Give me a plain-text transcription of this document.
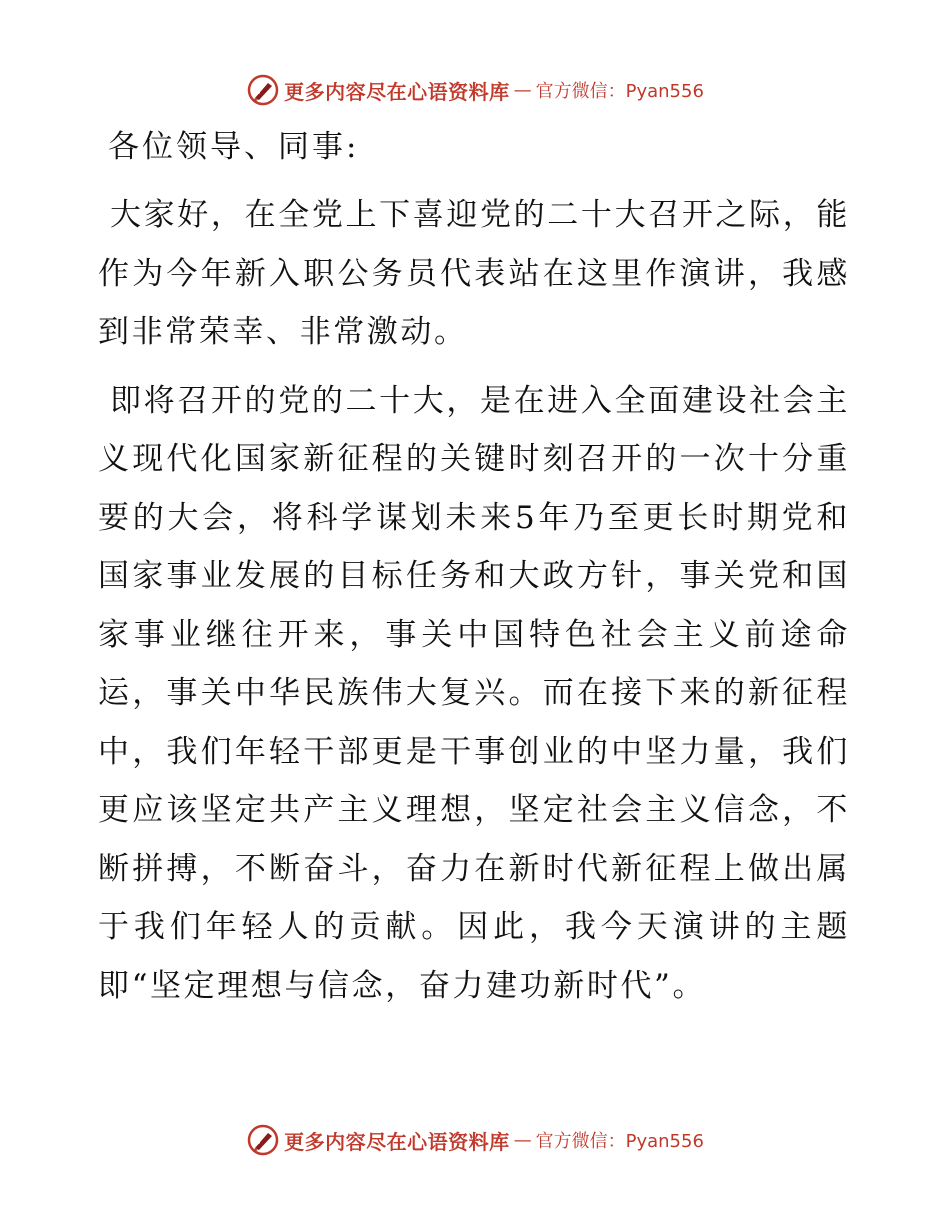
更多内容尽在心语资料库 — 官方微信：Pyan556
各位领导、同事:

大家好，在全党上下喜迎党的二十大召开之际，能作为今年新入职公务员代表站在这里作演讲，我感到非常荣幸、非常激动。

即将召开的党的二十大，是在进入全面建设社会主义现代化国家新征程的关键时刻召开的一次十分重要的大会，将科学谋划未来5年乃至更长时期党和国家事业发展的目标任务和大政方针，事关党和国家事业继往开来，事关中国特色社会主义前途命运，事关中华民族伟大复兴。而在接下来的新征程中，我们年轻干部更是干事创业的中坚力量，我们更应该坚定共产主义理想，坚定社会主义信念，不断拼搏，不断奋斗，奋力在新时代新征程上做出属于我们年轻人的贡献。因此，我今天演讲的主题即“坚定理想与信念，奋力建功新时代”。

更多内容尽在心语资料库 — 官方微信：Pyan556
